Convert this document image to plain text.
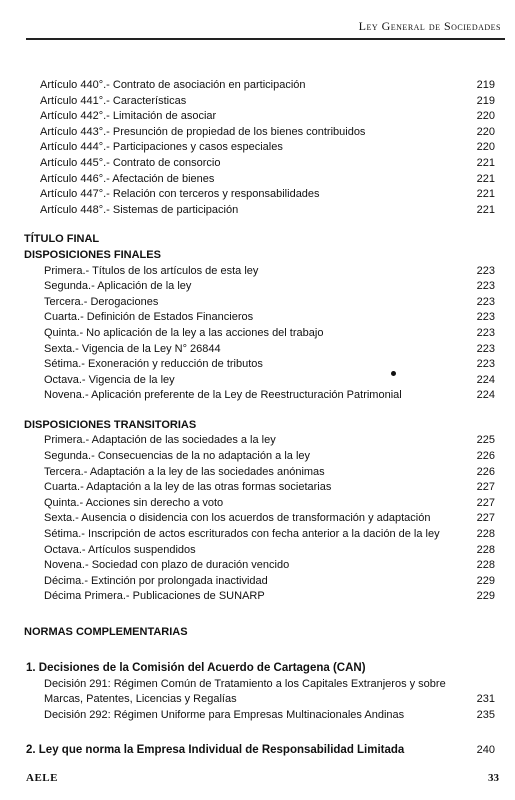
Ley General de Sociedades
Artículo 440°.- Contrato de asociación en participación	219
Artículo 441°.- Características	219
Artículo 442°.- Limitación de asociar	220
Artículo 443°.- Presunción de propiedad de los bienes contribuidos	220
Artículo 444°.- Participaciones y casos especiales	220
Artículo 445°.- Contrato de consorcio	221
Artículo 446°.- Afectación de bienes	221
Artículo 447°.- Relación con terceros y responsabilidades	221
Artículo 448°.- Sistemas de participación	221
TÍTULO FINAL
DISPOSICIONES FINALES
Primera.- Títulos de los artículos de esta ley	223
Segunda.- Aplicación de la ley	223
Tercera.- Derogaciones	223
Cuarta.- Definición de Estados Financieros	223
Quinta.- No aplicación de la ley a las acciones del trabajo	223
Sexta.- Vigencia de la Ley N° 26844	223
Sétima.- Exoneración y reducción de tributos	223
Octava.- Vigencia de la ley	224
Novena.- Aplicación preferente de la Ley de Reestructuración Patrimonial	224
DISPOSICIONES TRANSITORIAS
Primera.- Adaptación de las sociedades a la ley	225
Segunda.- Consecuencias de la no adaptación a la ley	226
Tercera.- Adaptación a la ley de las sociedades anónimas	226
Cuarta.- Adaptación a la ley de las otras formas societarias	227
Quinta.- Acciones sin derecho a voto	227
Sexta.- Ausencia o disidencia con los acuerdos de transformación y adaptación	227
Sétima.- Inscripción de actos escriturados con fecha anterior a la dación de la ley	228
Octava.- Artículos suspendidos	228
Novena.- Sociedad con plazo de duración vencido	228
Décima.- Extinción por prolongada inactividad	229
Décima Primera.- Publicaciones de SUNARP	229
NORMAS COMPLEMENTARIAS
1. Decisiones de la Comisión del Acuerdo de Cartagena (CAN)
Decisión 291: Régimen Común de Tratamiento a los Capitales Extranjeros y sobre Marcas, Patentes, Licencias y Regalías	231
Decisión 292: Régimen Uniforme para Empresas Multinacionales Andinas	235
2. Ley que norma la Empresa Individual de Responsabilidad Limitada	240
AELE	33
